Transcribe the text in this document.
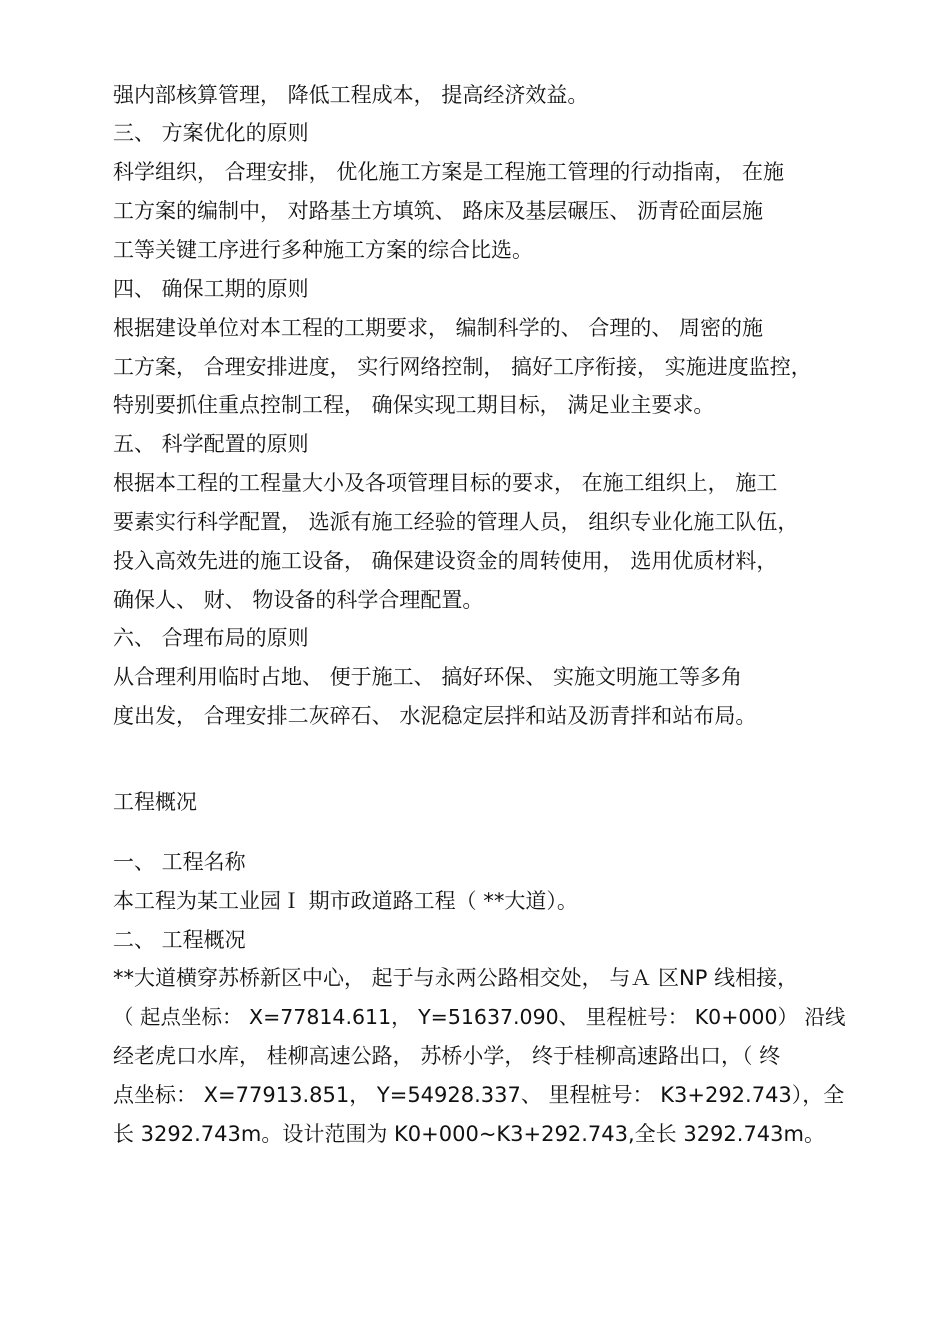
强内部核算管理， 降低工程成本， 提高经济效益。
三、 方案优化的原则
科学组织， 合理安排， 优化施工方案是工程施工管理的行动指南， 在施
工方案的编制中， 对路基土方填筑、 路床及基层碾压、 沥青砼面层施
工等关键工序进行多种施工方案的综合比选。
四、 确保工期的原则
根据建设单位对本工程的工期要求， 编制科学的、 合理的、 周密的施
工方案， 合理安排进度， 实行网络控制， 搞好工序衔接， 实施进度监控，
特别要抓住重点控制工程， 确保实现工期目标， 满足业主要求。
五、 科学配置的原则
根据本工程的工程量大小及各项管理目标的要求， 在施工组织上， 施工
要素实行科学配置， 选派有施工经验的管理人员， 组织专业化施工队伍，
投入高效先进的施工设备， 确保建设资金的周转使用， 选用优质材料，
确保人、 财、 物设备的科学合理配置。
六、 合理布局的原则
从合理利用临时占地、 便于施工、 搞好环保、 实施文明施工等多角
度出发， 合理安排二灰碎石、 水泥稳定层拌和站及沥青拌和站布局。
工程概况
一、 工程名称
本工程为某工业园Ｉ 期市政道路工程（ **大道）。
二、 工程概况
**大道横穿苏桥新区中心， 起于与永两公路相交处， 与Ａ 区NP 线相接，
（ 起点坐标： X=77814.611， Y=51637.090、 里程桩号： K0+000） 沿线
经老虎口水库， 桂柳高速公路， 苏桥小学， 终于桂柳高速路出口，（ 终
点坐标： X=77913.851， Y=54928.337、 里程桩号： K3+292.743），全
长 3292.743m。设计范围为 K0+000~K3+292.743,全长 3292.743m。
